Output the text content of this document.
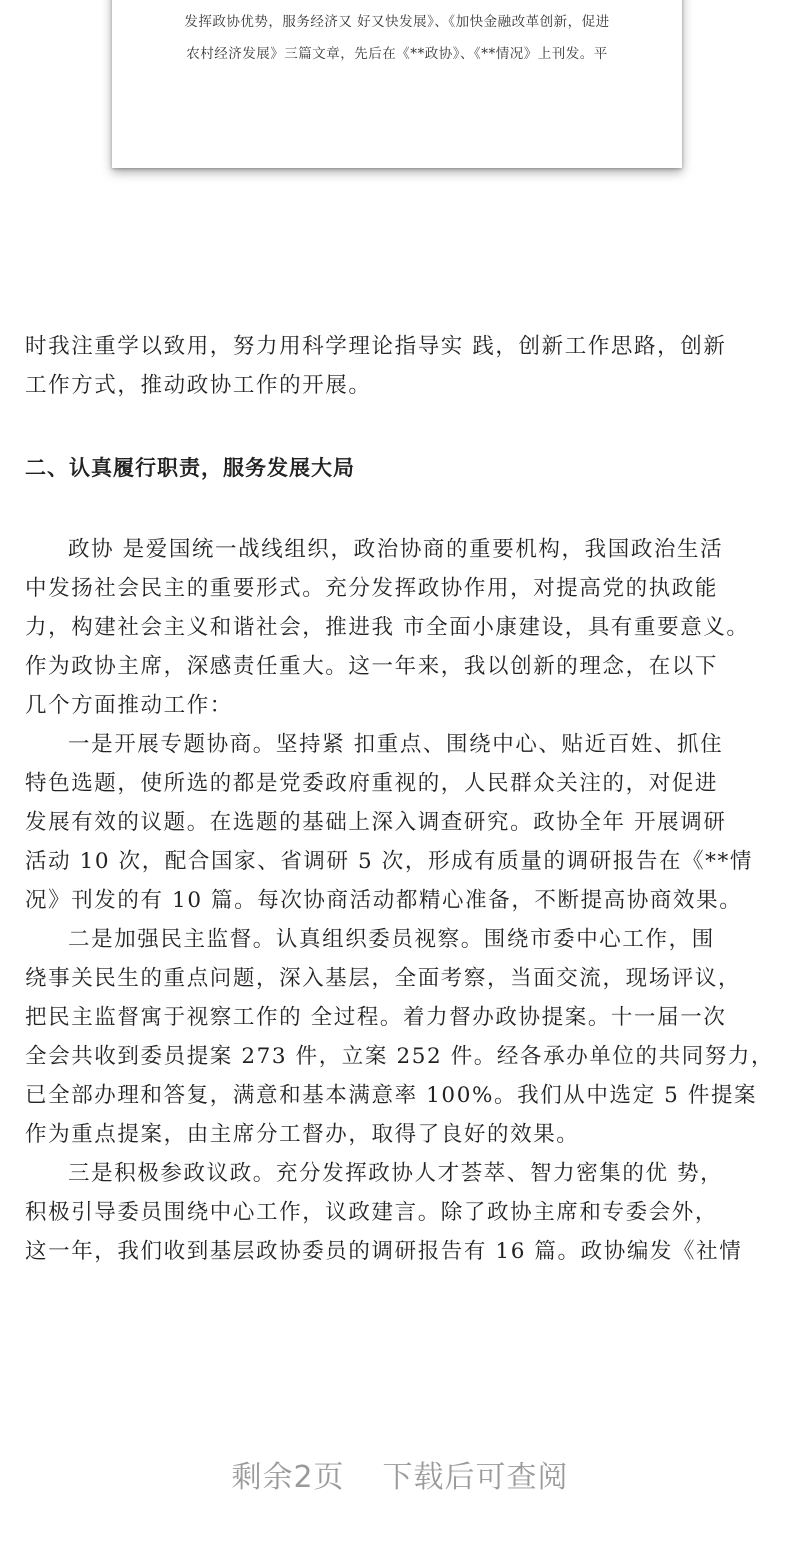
发挥政协优势，服务经济又 好又快发展》、《加快金融改革创新，促进
农村经济发展》三篇文章，先后在《**政协》、《**情况》上刊发。平

时我注重学以致用，努力用科学理论指导实 践，创新工作思路，创新
工作方式，推动政协工作的开展。

二、认真履行职责，服务发展大局

政协 是爱国统一战线组织，政治协商的重要机构，我国政治生活
中发扬社会民主的重要形式。充分发挥政协作用，对提高党的执政能
力，构建社会主义和谐社会，推进我 市全面小康建设，具有重要意义。
作为政协主席，深感责任重大。这一年来，我以创新的理念，在以下
几个方面推动工作：

一是开展专题协商。坚持紧 扣重点、围绕中心、贴近百姓、抓住
特色选题，使所选的都是党委政府重视的，人民群众关注的，对促进
发展有效的议题。在选题的基础上深入调查研究。政协全年 开展调研
活动 10 次，配合国家、省调研 5 次，形成有质量的调研报告在《**情
况》刊发的有 10 篇。每次协商活动都精心准备，不断提高协商效果。

二是加强民主监督。认真组织委员视察。围绕市委中心工作，围
绕事关民生的重点问题，深入基层，全面考察，当面交流，现场评议，
把民主监督寓于视察工作的 全过程。着力督办政协提案。十一届一次
全会共收到委员提案 273 件，立案 252 件。经各承办单位的共同努力，
已全部办理和答复，满意和基本满意率 100%。我们从中选定 5 件提案
作为重点提案，由主席分工督办，取得了良好的效果。

三是积极参政议政。充分发挥政协人才荟萃、智力密集的优 势，
积极引导委员围绕中心工作，议政建言。除了政协主席和专委会外，
这一年，我们收到基层政协委员的调研报告有 16 篇。政协编发《社情

剩余2页 下载后可查阅
